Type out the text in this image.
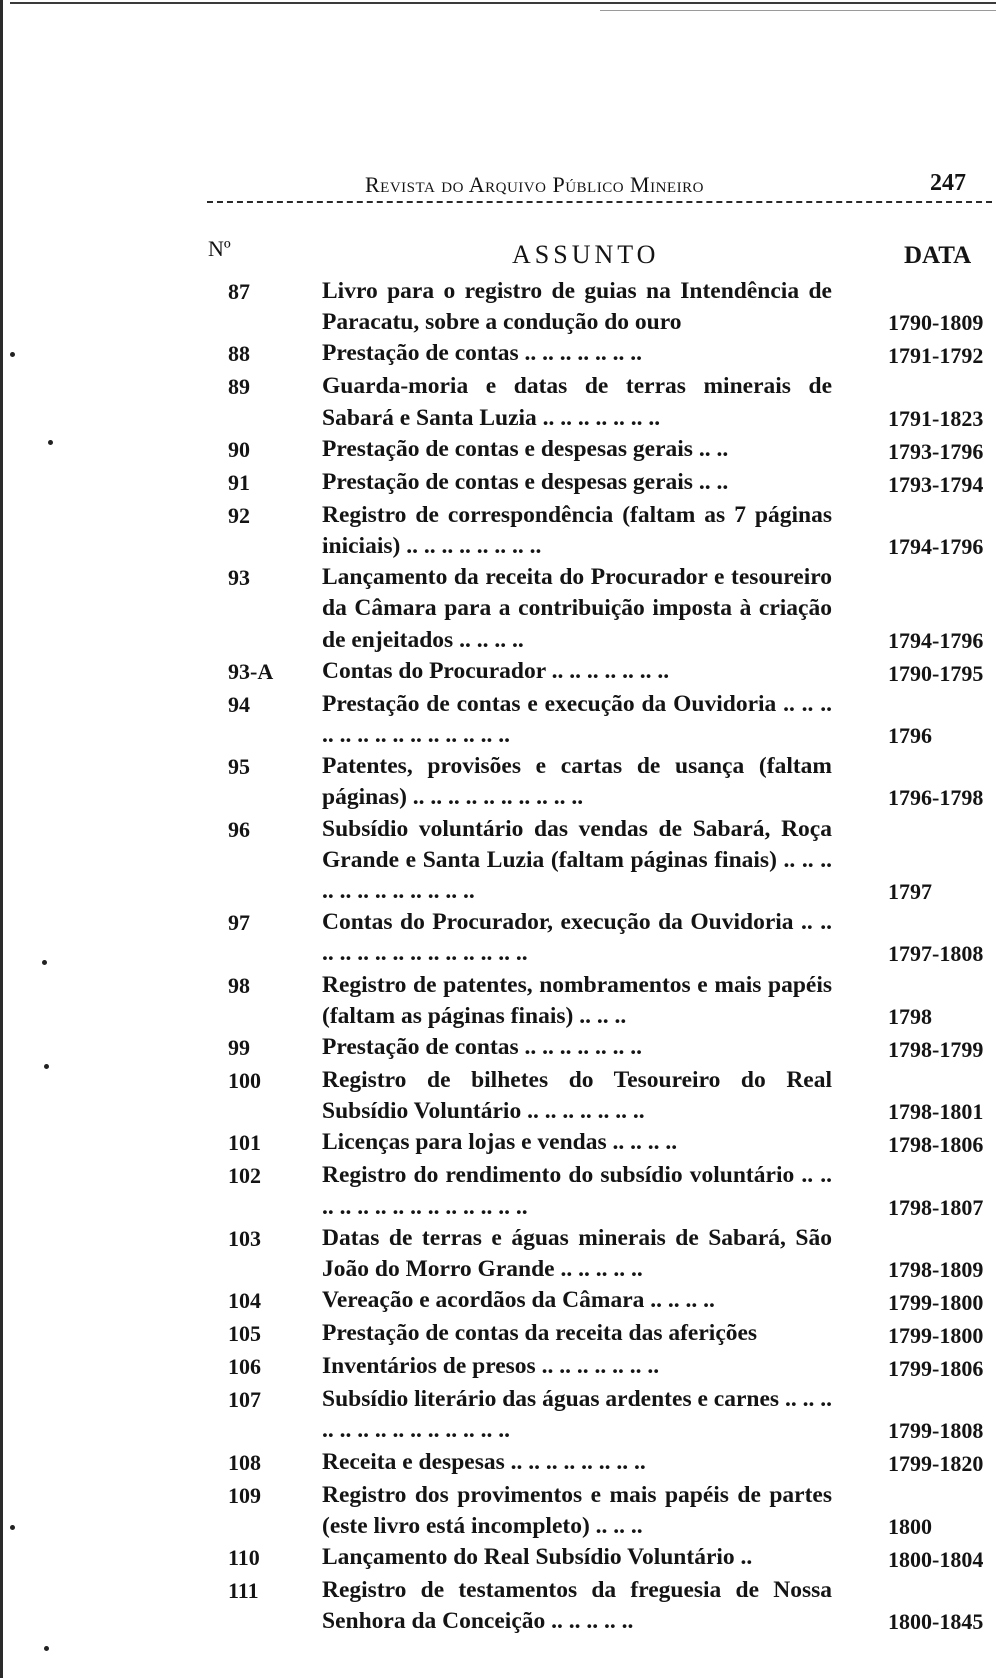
Revista do Arquivo Público Mineiro	247
Nº	ASSUNTO	DATA
87	Livro para o registro de guias na Intendência de Paracatu, sobre a condução do ouro	1790-1809
88	Prestação de contas .. .. .. .. .. .. ..	1791-1792
89	Guarda-moria e datas de terras minerais de Sabará e Santa Luzia .. .. .. .. .. .. ..	1791-1823
90	Prestação de contas e despesas gerais .. ..	1793-1796
91	Prestação de contas e despesas gerais .. ..	1793-1794
92	Registro de correspondência (faltam as 7 páginas iniciais) .. .. .. .. .. .. .. ..	1794-1796
93	Lançamento da receita do Procurador e tesoureiro da Câmara para a contribuição imposta à criação de enjeitados .. .. .. ..	1794-1796
93-A Contas do Procurador .. .. .. .. .. .. ..	1790-1795
94	Prestação de contas e execução da Ouvidoria .. .. .. .. .. .. .. .. .. .. .. .. .. ..	1796
95	Patentes, provisões e cartas de usança (faltam páginas) .. .. .. .. .. .. .. .. .. ..	1796-1798
96	Subsídio voluntário das vendas de Sabará, Roça Grande e Santa Luzia (faltam páginas finais) .. .. .. .. .. .. .. .. .. .. .. ..	1797
97	Contas do Procurador, execução da Ouvidoria .. .. .. .. .. .. .. .. .. .. .. .. .. ..	1797-1808
98	Registro de patentes, nombramentos e mais papéis (faltam as páginas finais) .. .. ..	1798
99	Prestação de contas .. .. .. .. .. .. ..	1798-1799
100	Registro de bilhetes do Tesoureiro do Real Subsídio Voluntário .. .. .. .. .. .. ..	1798-1801
101	Licenças para lojas e vendas .. .. .. ..	1798-1806
102	Registro do rendimento do subsídio voluntário .. .. .. .. .. .. .. .. .. .. .. .. .. ..	1798-1807
103	Datas de terras e águas minerais de Sabará, São João do Morro Grande .. .. .. .. ..	1798-1809
104	Vereação e acordãos da Câmara .. .. .. ..	1799-1800
105	Prestação de contas da receita das aferições	1799-1800
106	Inventários de presos .. .. .. .. .. .. ..	1799-1806
107	Subsídio literário das águas ardentes e carnes .. .. .. .. .. .. .. .. .. .. .. .. .. ..	1799-1808
108	Receita e despesas .. .. .. .. .. .. .. ..	1799-1820
109	Registro dos provimentos e mais papéis de partes (este livro está incompleto) .. .. ..	1800
110	Lançamento do Real Subsídio Voluntário ..	1800-1804
111	Registro de testamentos da freguesia de Nossa Senhora da Conceição .. .. .. .. ..	1800-1845
